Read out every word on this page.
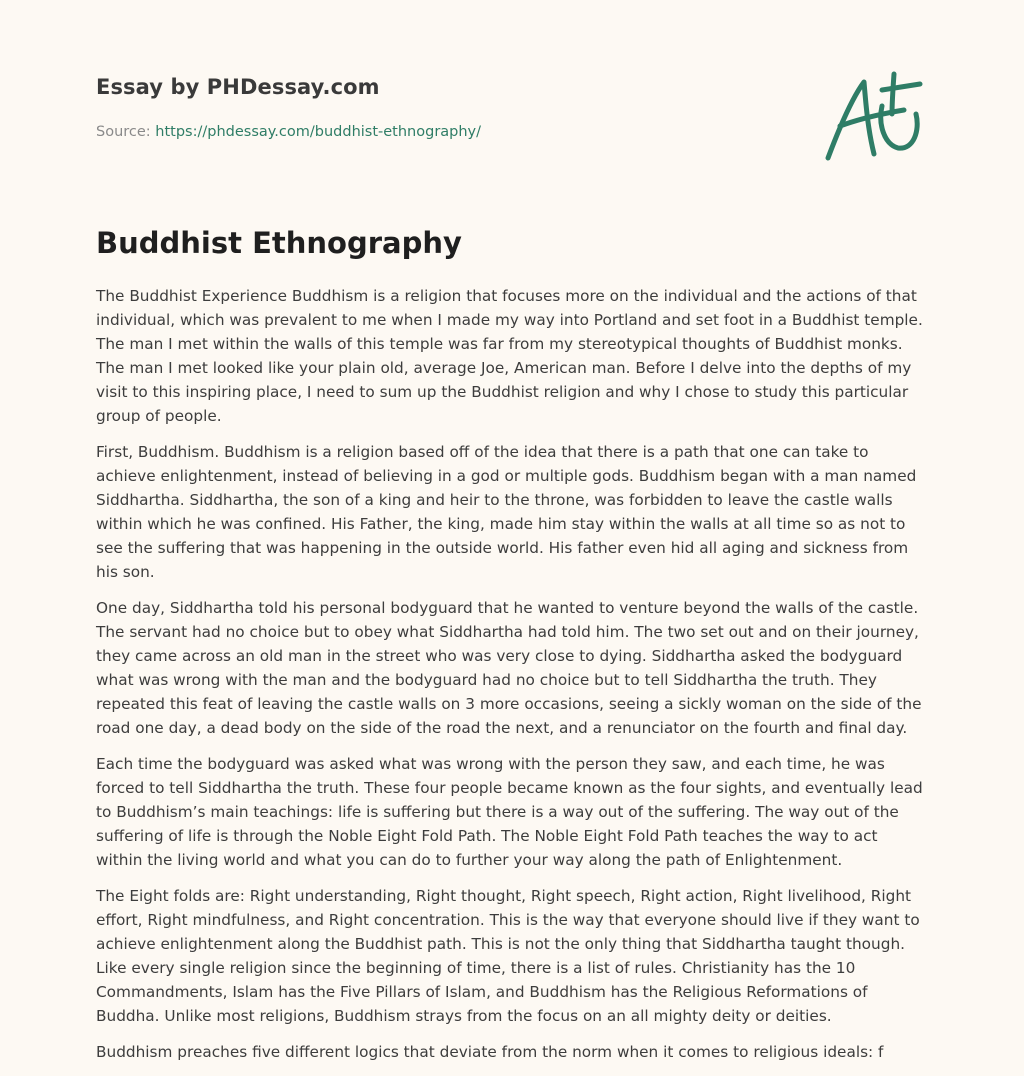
Essay by PHDessay.com
Source: https://phdessay.com/buddhist-ethnography/
Buddhist Ethnography

The Buddhist Experience Buddhism is a religion that focuses more on the individual and the actions of that individual, which was prevalent to me when I made my way into Portland and set foot in a Buddhist temple. The man I met within the walls of this temple was far from my stereotypical thoughts of Buddhist monks. The man I met looked like your plain old, average Joe, American man. Before I delve into the depths of my visit to this inspiring place, I need to sum up the Buddhist religion and why I chose to study this particular group of people.

First, Buddhism. Buddhism is a religion based off of the idea that there is a path that one can take to achieve enlightenment, instead of believing in a god or multiple gods. Buddhism began with a man named Siddhartha. Siddhartha, the son of a king and heir to the throne, was forbidden to leave the castle walls within which he was confined. His Father, the king, made him stay within the walls at all time so as not to see the suffering that was happening in the outside world. His father even hid all aging and sickness from his son.

One day, Siddhartha told his personal bodyguard that he wanted to venture beyond the walls of the castle. The servant had no choice but to obey what Siddhartha had told him. The two set out and on their journey, they came across an old man in the street who was very close to dying. Siddhartha asked the bodyguard what was wrong with the man and the bodyguard had no choice but to tell Siddhartha the truth. They repeated this feat of leaving the castle walls on 3 more occasions, seeing a sickly woman on the side of the road one day, a dead body on the side of the road the next, and a renunciator on the fourth and final day.

Each time the bodyguard was asked what was wrong with the person they saw, and each time, he was forced to tell Siddhartha the truth. These four people became known as the four sights, and eventually lead to Buddhism’s main teachings: life is suffering but there is a way out of the suffering. The way out of the suffering of life is through the Noble Eight Fold Path. The Noble Eight Fold Path teaches the way to act within the living world and what you can do to further your way along the path of Enlightenment.

The Eight folds are: Right understanding, Right thought, Right speech, Right action, Right livelihood, Right effort, Right mindfulness, and Right concentration. This is the way that everyone should live if they want to achieve enlightenment along the Buddhist path. This is not the only thing that Siddhartha taught though. Like every single religion since the beginning of time, there is a list of rules. Christianity has the 10 Commandments, Islam has the Five Pillars of Islam, and Buddhism has the Religious Reformations of Buddha. Unlike most religions, Buddhism strays from the focus on an all mighty deity or deities.

Buddhism preaches five different logics that deviate from the norm when it comes to religious ideals: f
